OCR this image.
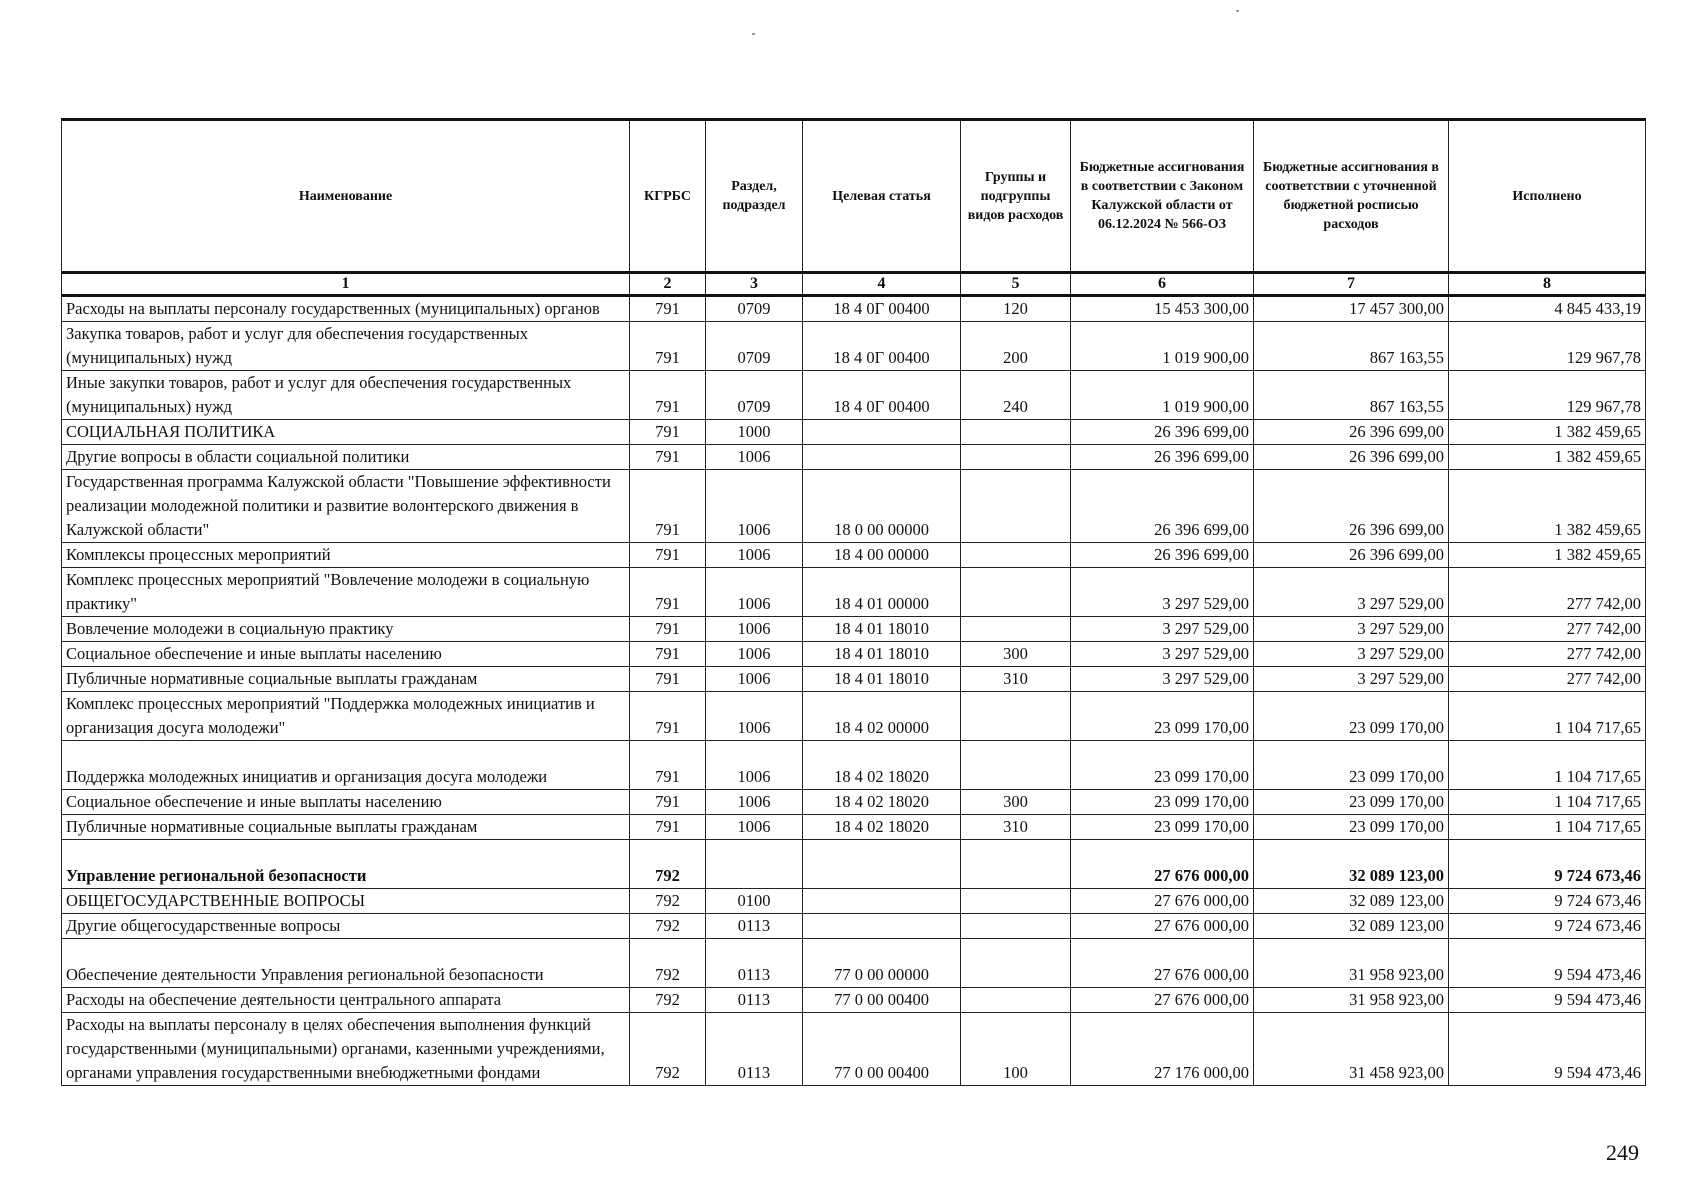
Наименование	КГРБС	Раздел, подраздел	Целевая статья	Группы и подгруппы видов расходов	Бюджетные ассигнования в соответствии с Законом Калужской области от 06.12.2024 № 566-ОЗ	Бюджетные ассигнования в соответствии с уточненной бюджетной росписью расходов	Исполнено
1	2	3	4	5	6	7	8
Расходы на выплаты персоналу государственных (муниципальных) органов	791	0709	18 4 0Г 00400	120	15 453 300,00	17 457 300,00	4 845 433,19
Закупка товаров, работ и услуг для обеспечения государственных (муниципальных) нужд	791	0709	18 4 0Г 00400	200	1 019 900,00	867 163,55	129 967,78
Иные закупки товаров, работ и услуг для обеспечения государственных (муниципальных) нужд	791	0709	18 4 0Г 00400	240	1 019 900,00	867 163,55	129 967,78
СОЦИАЛЬНАЯ ПОЛИТИКА	791	1000			26 396 699,00	26 396 699,00	1 382 459,65
Другие вопросы в области социальной политики	791	1006			26 396 699,00	26 396 699,00	1 382 459,65
Государственная программа Калужской области "Повышение эффективности реализации молодежной политики и развитие волонтерского движения в Калужской области"	791	1006	18 0 00 00000		26 396 699,00	26 396 699,00	1 382 459,65
Комплексы процессных мероприятий	791	1006	18 4 00 00000		26 396 699,00	26 396 699,00	1 382 459,65
Комплекс процессных мероприятий "Вовлечение молодежи в социальную практику"	791	1006	18 4 01 00000		3 297 529,00	3 297 529,00	277 742,00
Вовлечение молодежи в социальную практику	791	1006	18 4 01 18010		3 297 529,00	3 297 529,00	277 742,00
Социальное обеспечение и иные выплаты населению	791	1006	18 4 01 18010	300	3 297 529,00	3 297 529,00	277 742,00
Публичные нормативные социальные выплаты гражданам	791	1006	18 4 01 18010	310	3 297 529,00	3 297 529,00	277 742,00
Комплекс процессных мероприятий "Поддержка молодежных инициатив и организация досуга молодежи"	791	1006	18 4 02 00000		23 099 170,00	23 099 170,00	1 104 717,65
Поддержка молодежных инициатив и организация досуга молодежи	791	1006	18 4 02 18020		23 099 170,00	23 099 170,00	1 104 717,65
Социальное обеспечение и иные выплаты населению	791	1006	18 4 02 18020	300	23 099 170,00	23 099 170,00	1 104 717,65
Публичные нормативные социальные выплаты гражданам	791	1006	18 4 02 18020	310	23 099 170,00	23 099 170,00	1 104 717,65
Управление региональной безопасности	792				27 676 000,00	32 089 123,00	9 724 673,46
ОБЩЕГОСУДАРСТВЕННЫЕ ВОПРОСЫ	792	0100			27 676 000,00	32 089 123,00	9 724 673,46
Другие общегосударственные вопросы	792	0113			27 676 000,00	32 089 123,00	9 724 673,46
Обеспечение деятельности Управления региональной безопасности	792	0113	77 0 00 00000		27 676 000,00	31 958 923,00	9 594 473,46
Расходы на обеспечение деятельности центрального аппарата	792	0113	77 0 00 00400		27 676 000,00	31 958 923,00	9 594 473,46
Расходы на выплаты персоналу в целях обеспечения выполнения функций государственными (муниципальными) органами, казенными учреждениями, органами управления государственными внебюджетными фондами	792	0113	77 0 00 00400	100	27 176 000,00	31 458 923,00	9 594 473,46
249
